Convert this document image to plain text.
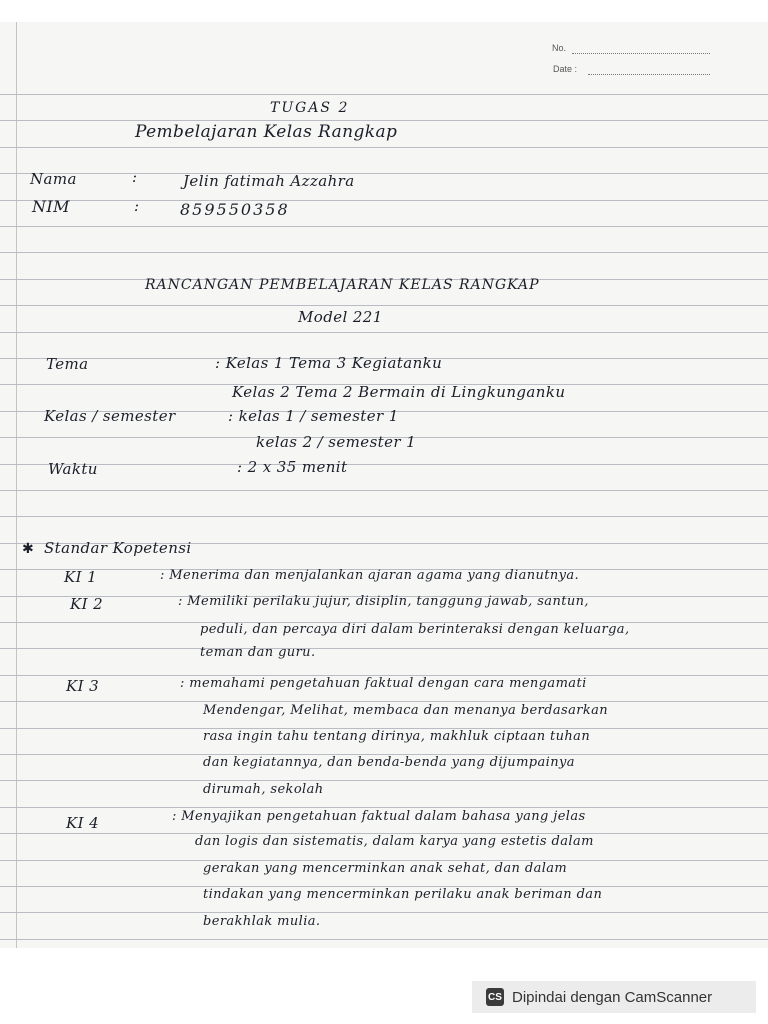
No.
Date :
TUGAS 2
Pembelajaran Kelas Rangkap
Nama	:	Jelin fatimah Azzahra
NIM	:	859550358
RANCANGAN PEMBELAJARAN KELAS RANGKAP
Model 221
Tema	: Kelas 1 Tema 3 Kegiatanku
Kelas 2 Tema 2 Bermain di Lingkunganku
Kelas / semester	: kelas 1 / semester 1
kelas 2 / semester 1
Waktu	: 2 x 35 menit
✱ Standar Kopetensi
KI 1	: Menerima dan menjalankan ajaran agama yang dianutnya.
KI 2	: Memiliki perilaku jujur, disiplin, tanggung jawab, santun,
peduli, dan percaya diri dalam berinteraksi dengan keluarga,
teman dan guru.
KI 3	: memahami pengetahuan faktual dengan cara mengamati
Mendengar, Melihat, membaca dan menanya berdasarkan
rasa ingin tahu tentang dirinya, makhluk ciptaan tuhan
dan kegiatannya, dan benda-benda yang dijumpainya
dirumah, sekolah
KI 4	: Menyajikan pengetahuan faktual dalam bahasa yang jelas
dan logis dan sistematis, dalam karya yang estetis dalam
gerakan yang mencerminkan anak sehat, dan dalam
tindakan yang mencerminkan perilaku anak beriman dan
berakhlak mulia.
CS Dipindai dengan CamScanner
